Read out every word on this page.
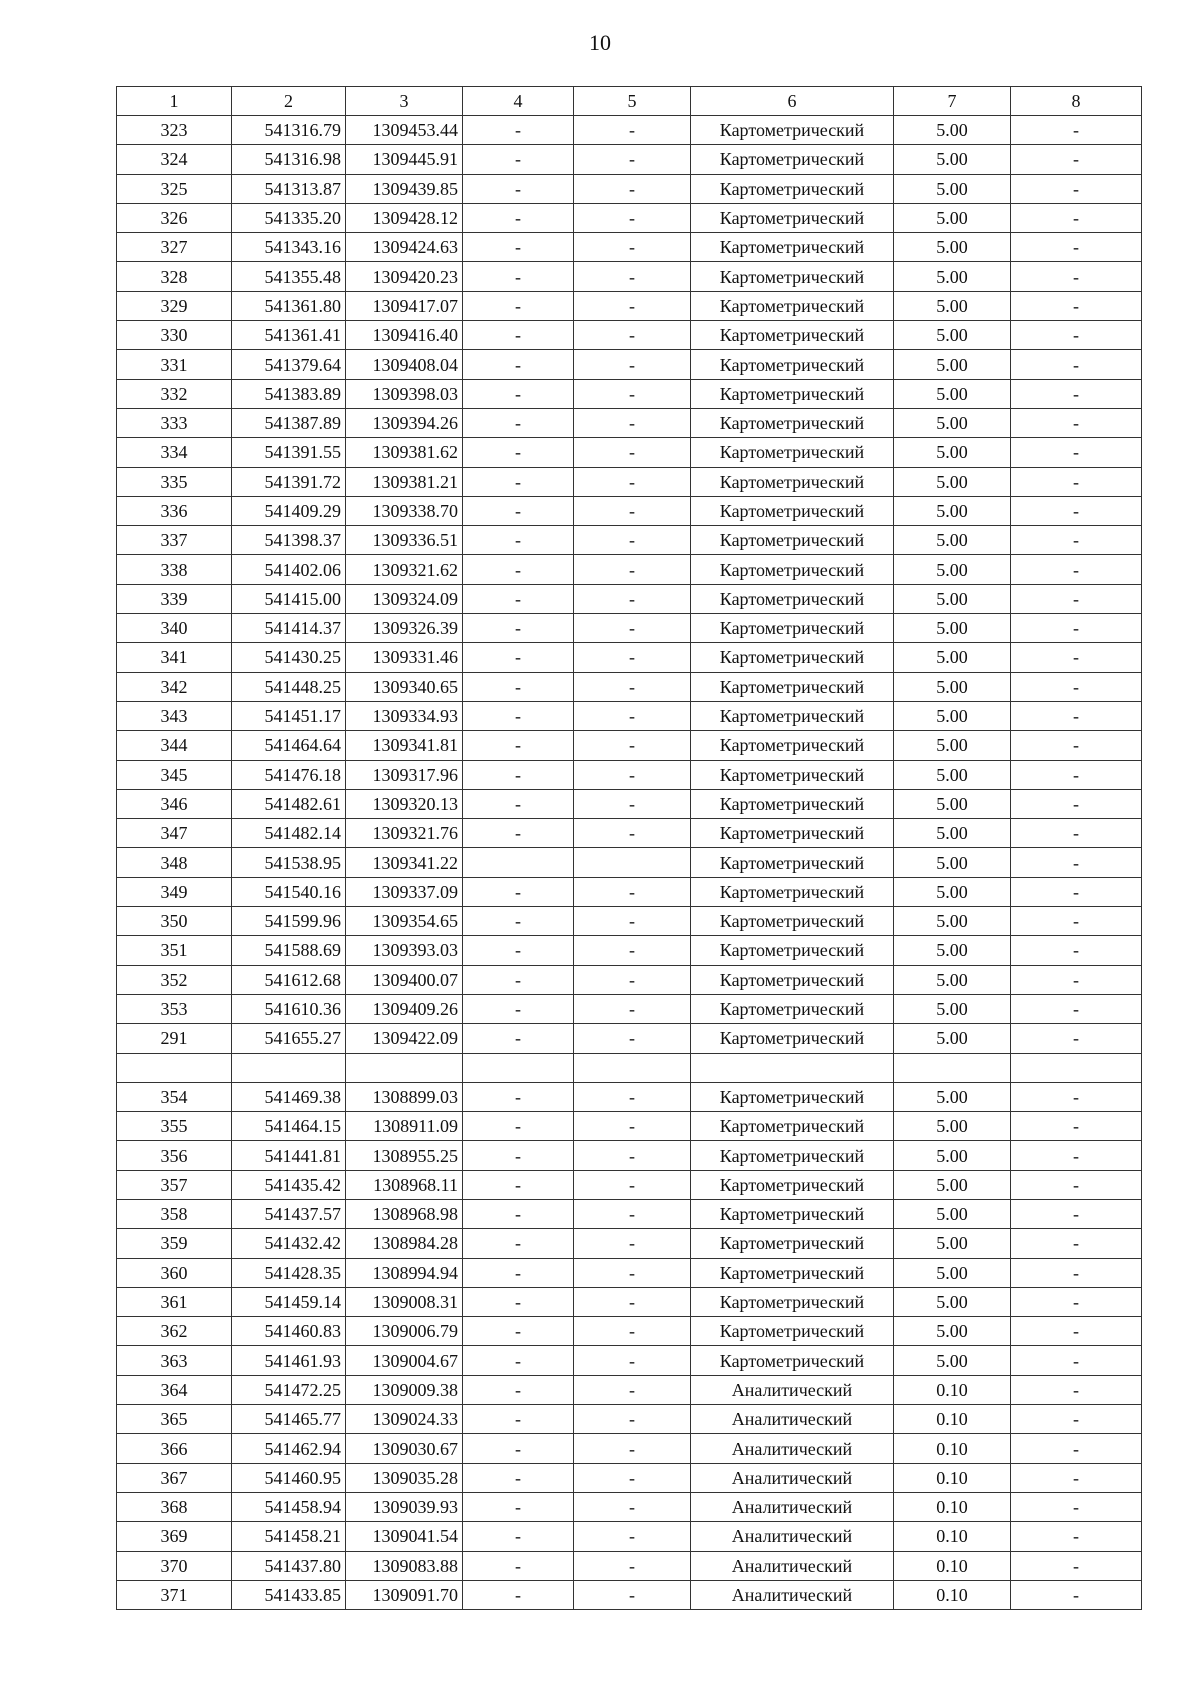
10
1	2	3	4	5	6	7	8
323	541316.79	1309453.44	-	-	Картометрический	5.00	-
324	541316.98	1309445.91	-	-	Картометрический	5.00	-
325	541313.87	1309439.85	-	-	Картометрический	5.00	-
326	541335.20	1309428.12	-	-	Картометрический	5.00	-
327	541343.16	1309424.63	-	-	Картометрический	5.00	-
328	541355.48	1309420.23	-	-	Картометрический	5.00	-
329	541361.80	1309417.07	-	-	Картометрический	5.00	-
330	541361.41	1309416.40	-	-	Картометрический	5.00	-
331	541379.64	1309408.04	-	-	Картометрический	5.00	-
332	541383.89	1309398.03	-	-	Картометрический	5.00	-
333	541387.89	1309394.26	-	-	Картометрический	5.00	-
334	541391.55	1309381.62	-	-	Картометрический	5.00	-
335	541391.72	1309381.21	-	-	Картометрический	5.00	-
336	541409.29	1309338.70	-	-	Картометрический	5.00	-
337	541398.37	1309336.51	-	-	Картометрический	5.00	-
338	541402.06	1309321.62	-	-	Картометрический	5.00	-
339	541415.00	1309324.09	-	-	Картометрический	5.00	-
340	541414.37	1309326.39	-	-	Картометрический	5.00	-
341	541430.25	1309331.46	-	-	Картометрический	5.00	-
342	541448.25	1309340.65	-	-	Картометрический	5.00	-
343	541451.17	1309334.93	-	-	Картометрический	5.00	-
344	541464.64	1309341.81	-	-	Картометрический	5.00	-
345	541476.18	1309317.96	-	-	Картометрический	5.00	-
346	541482.61	1309320.13	-	-	Картометрический	5.00	-
347	541482.14	1309321.76	-	-	Картометрический	5.00	-
348	541538.95	1309341.22			Картометрический	5.00	-
349	541540.16	1309337.09	-	-	Картометрический	5.00	-
350	541599.96	1309354.65	-	-	Картометрический	5.00	-
351	541588.69	1309393.03	-	-	Картометрический	5.00	-
352	541612.68	1309400.07	-	-	Картометрический	5.00	-
353	541610.36	1309409.26	-	-	Картометрический	5.00	-
291	541655.27	1309422.09	-	-	Картометрический	5.00	-

354	541469.38	1308899.03	-	-	Картометрический	5.00	-
355	541464.15	1308911.09	-	-	Картометрический	5.00	-
356	541441.81	1308955.25	-	-	Картометрический	5.00	-
357	541435.42	1308968.11	-	-	Картометрический	5.00	-
358	541437.57	1308968.98	-	-	Картометрический	5.00	-
359	541432.42	1308984.28	-	-	Картометрический	5.00	-
360	541428.35	1308994.94	-	-	Картометрический	5.00	-
361	541459.14	1309008.31	-	-	Картометрический	5.00	-
362	541460.83	1309006.79	-	-	Картометрический	5.00	-
363	541461.93	1309004.67	-	-	Картометрический	5.00	-
364	541472.25	1309009.38	-	-	Аналитический	0.10	-
365	541465.77	1309024.33	-	-	Аналитический	0.10	-
366	541462.94	1309030.67	-	-	Аналитический	0.10	-
367	541460.95	1309035.28	-	-	Аналитический	0.10	-
368	541458.94	1309039.93	-	-	Аналитический	0.10	-
369	541458.21	1309041.54	-	-	Аналитический	0.10	-
370	541437.80	1309083.88	-	-	Аналитический	0.10	-
371	541433.85	1309091.70	-	-	Аналитический	0.10	-
